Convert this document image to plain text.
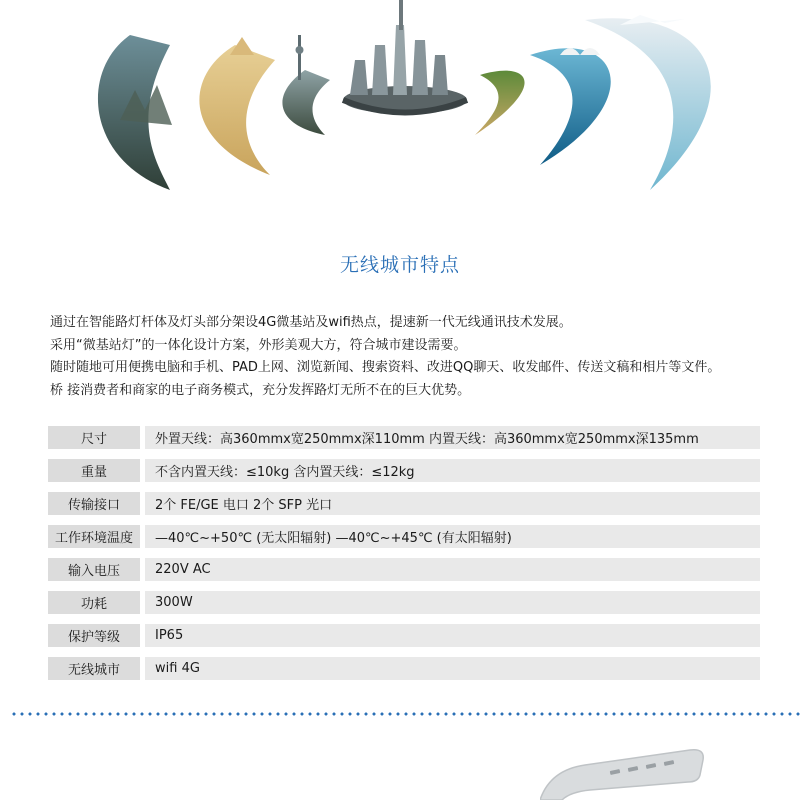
无线城市特点

通过在智能路灯杆体及灯头部分架设4G微基站及wifi热点，提速新一代无线通讯技术发展。

采用“微基站灯”的一体化设计方案，外形美观大方，符合城市建设需要。

随时随地可用便携电脑和手机、PAD上网、浏览新闻、搜索资料、改进QQ聊天、收发邮件、传送文稿和相片等文件。

桥 接消费者和商家的电子商务模式，充分发挥路灯无所不在的巨大优势。

尺寸	外置天线：高360mmx宽250mmx深110mm 内置天线：高360mmx宽250mmx深135mm
重量	不含内置天线：≤10kg 含内置天线：≤12kg
传输接口	2个 FE/GE 电口 2个 SFP 光口
工作环境温度	—40℃~+50℃ (无太阳辐射) —40℃~+45℃ (有太阳辐射)
输入电压	220V AC
功耗	300W
保护等级	IP65
无线城市	wifi 4G
